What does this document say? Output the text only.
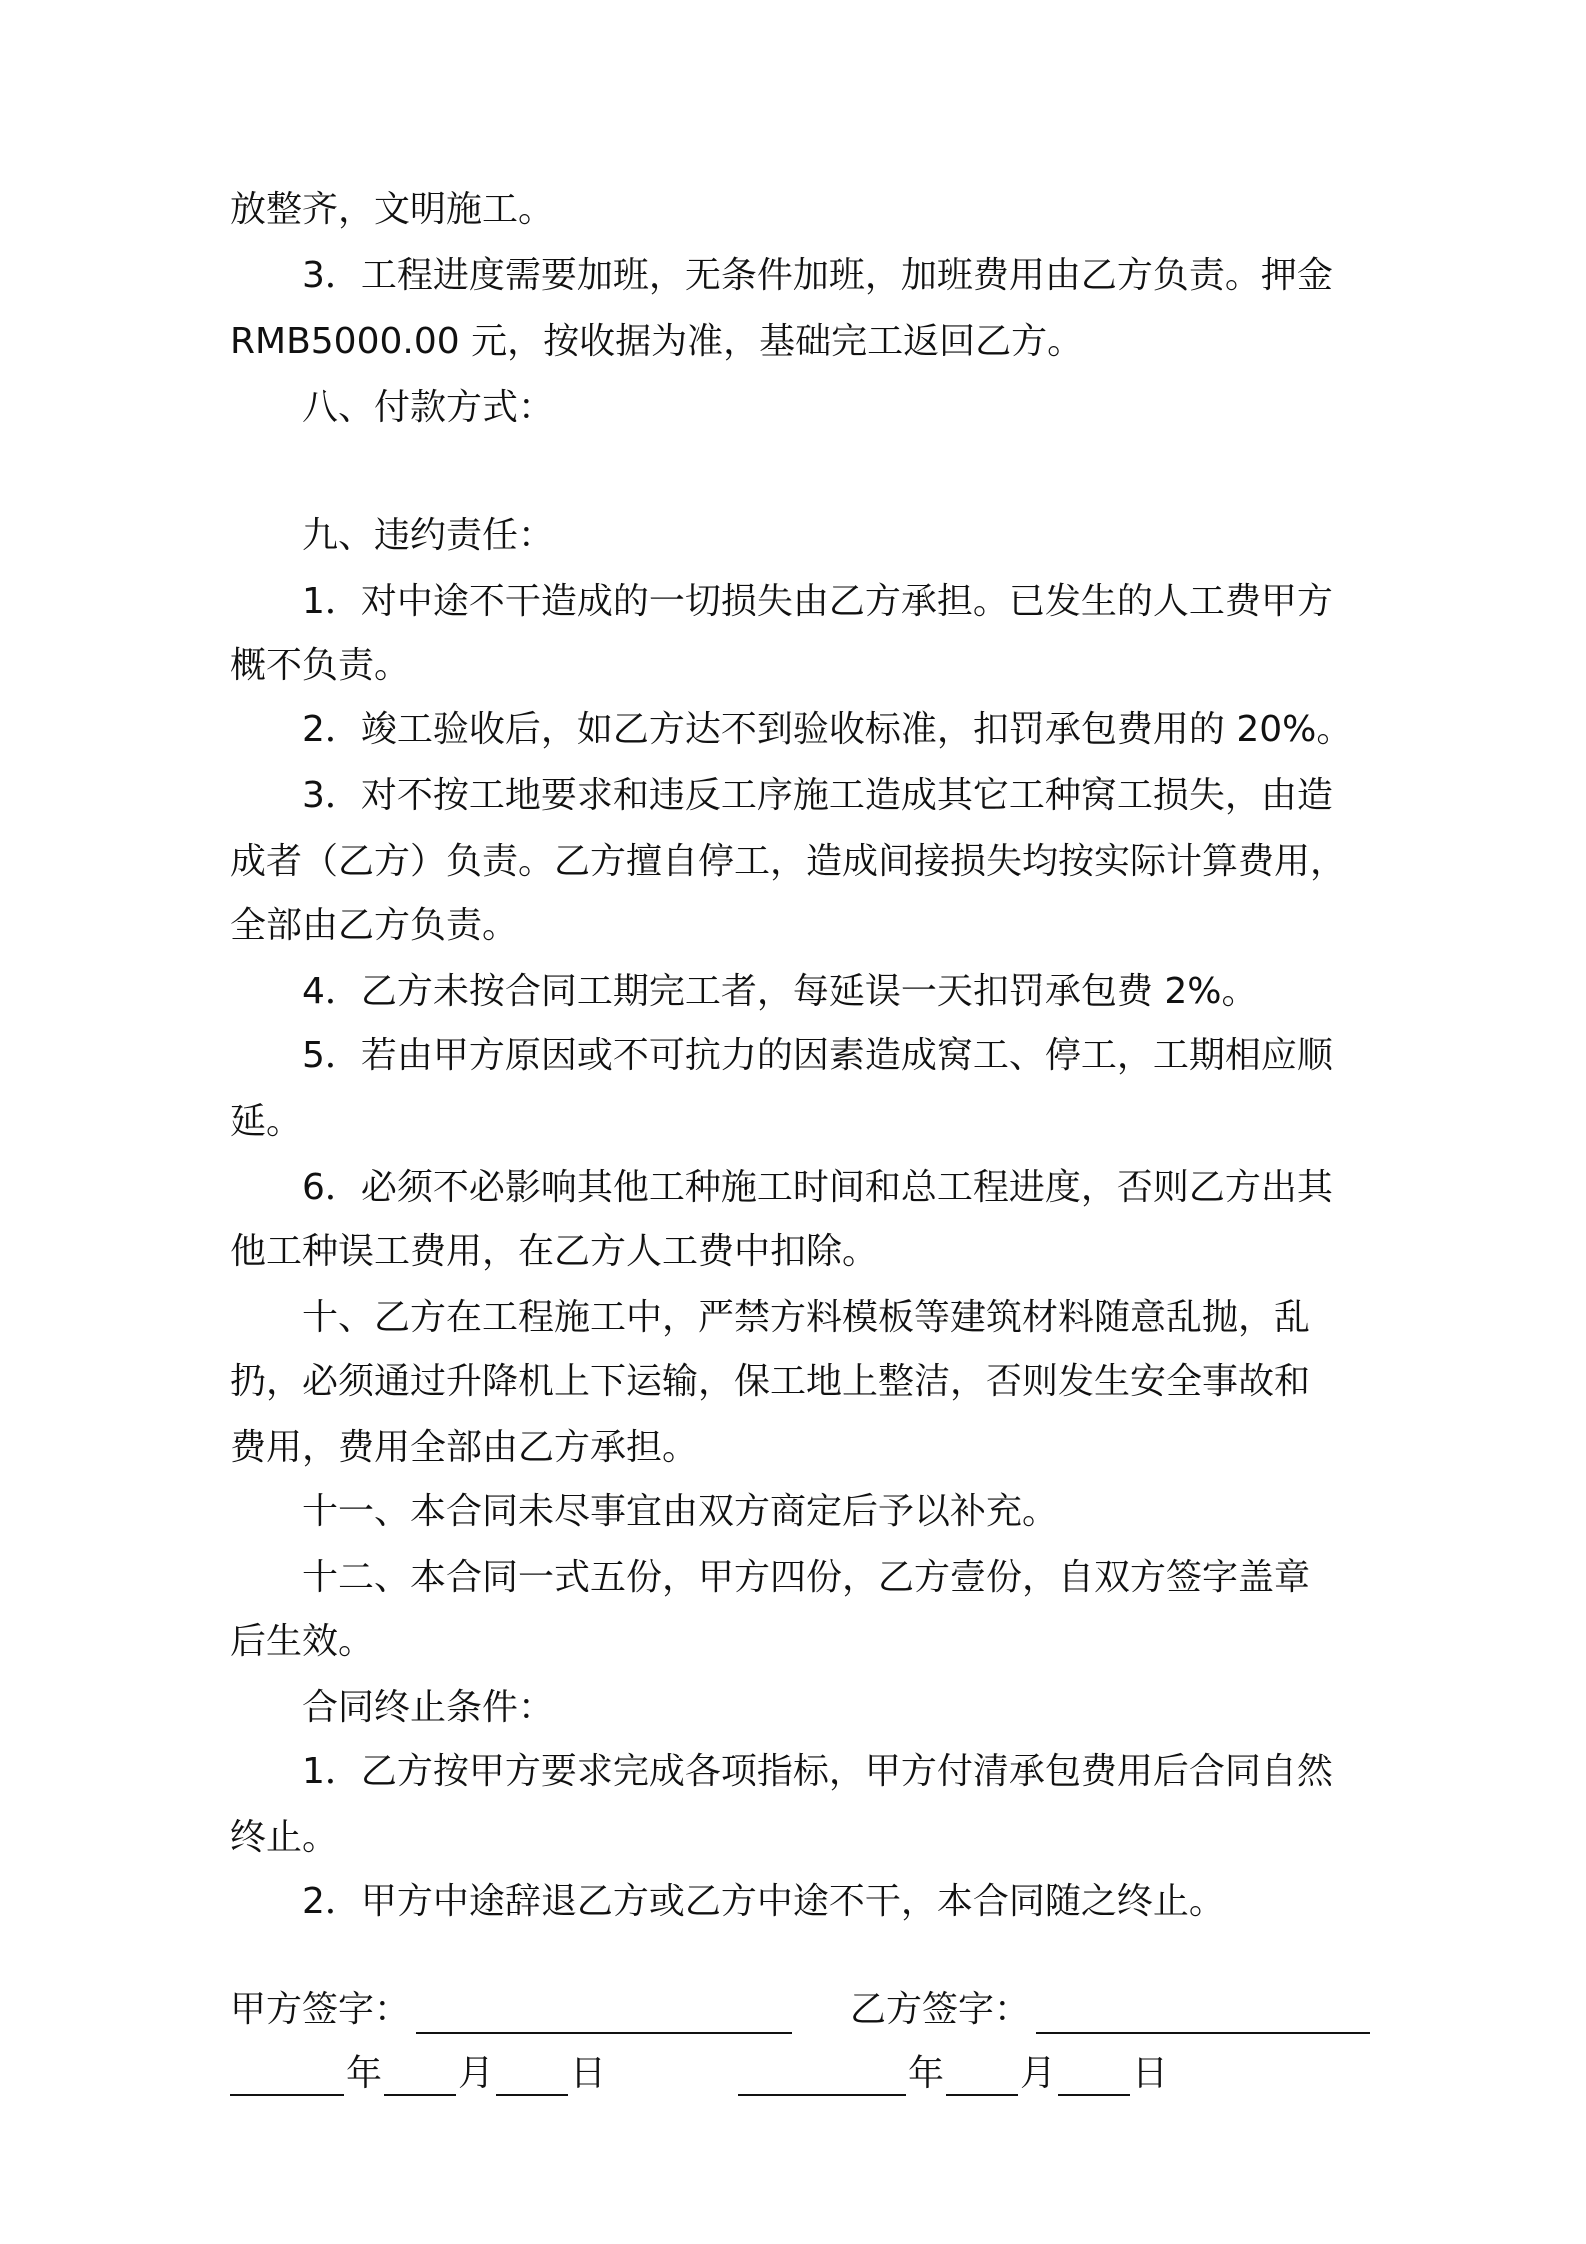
放整齐，文明施工。
3．工程进度需要加班，无条件加班，加班费用由乙方负责。押金
RMB5000.00 元，按收据为准，基础完工返回乙方。
八、付款方式：
九、违约责任：
1．对中途不干造成的一切损失由乙方承担。已发生的人工费甲方
概不负责。
2．竣工验收后，如乙方达不到验收标准，扣罚承包费用的 20%。
3．对不按工地要求和违反工序施工造成其它工种窝工损失，由造
成者（乙方）负责。乙方擅自停工，造成间接损失均按实际计算费用，
全部由乙方负责。
4．乙方未按合同工期完工者，每延误一天扣罚承包费 2%。
5．若由甲方原因或不可抗力的因素造成窝工、停工，工期相应顺
延。
6．必须不必影响其他工种施工时间和总工程进度，否则乙方出其
他工种误工费用，在乙方人工费中扣除。
十、乙方在工程施工中，严禁方料模板等建筑材料随意乱抛，乱
扔，必须通过升降机上下运输，保工地上整洁，否则发生安全事故和
费用，费用全部由乙方承担。
十一、本合同未尽事宜由双方商定后予以补充。
十二、本合同一式五份，甲方四份，乙方壹份，自双方签字盖章
后生效。
合同终止条件：
1．乙方按甲方要求完成各项指标，甲方付清承包费用后合同自然
终止。
2．甲方中途辞退乙方或乙方中途不干，本合同随之终止。
甲方签字：	乙方签字：
年 月 日	年 月 日
